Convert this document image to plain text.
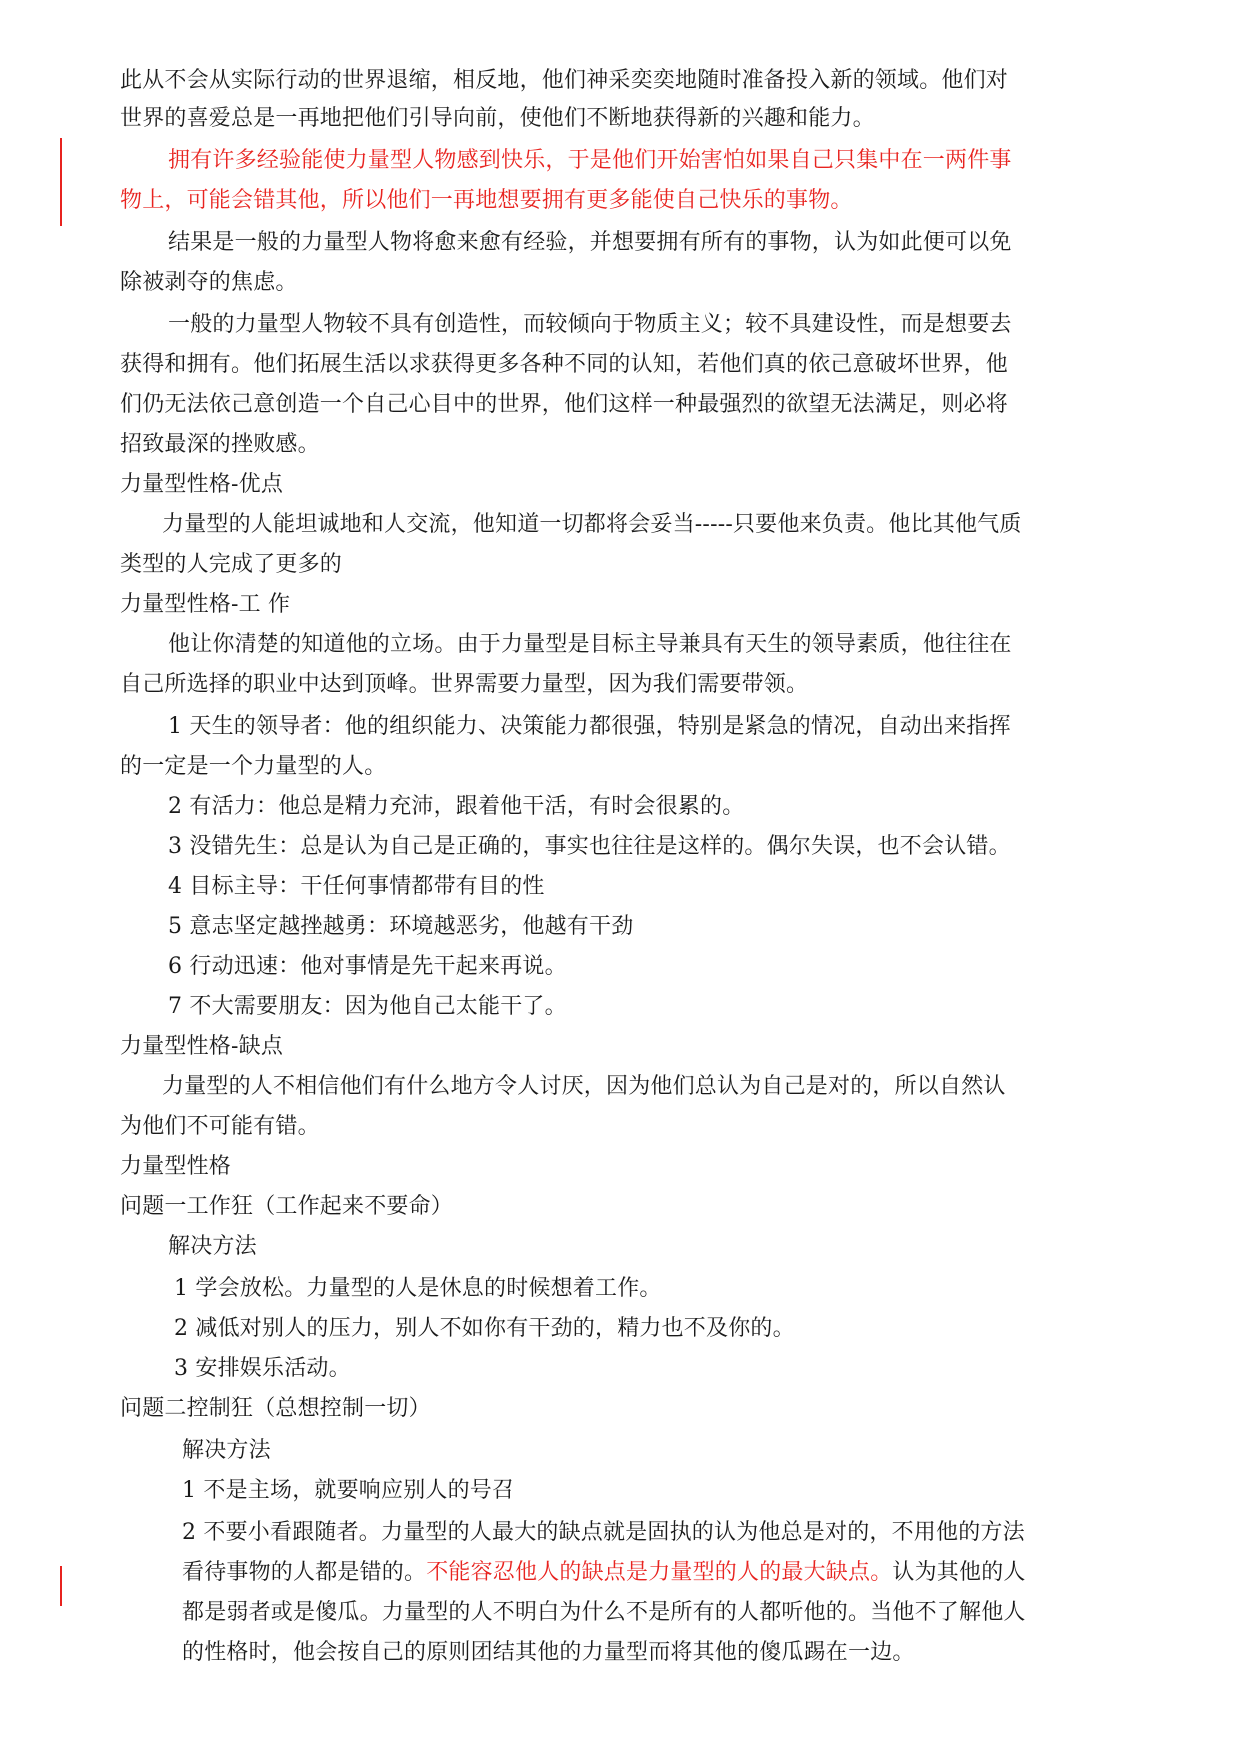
此从不会从实际行动的世界退缩，相反地，他们神采奕奕地随时准备投入新的领域。他们对
世界的喜爱总是一再地把他们引导向前，使他们不断地获得新的兴趣和能力。
拥有许多经验能使力量型人物感到快乐，于是他们开始害怕如果自己只集中在一两件事
物上，可能会错其他，所以他们一再地想要拥有更多能使自己快乐的事物。
结果是一般的力量型人物将愈来愈有经验，并想要拥有所有的事物，认为如此便可以免
除被剥夺的焦虑。
一般的力量型人物较不具有创造性，而较倾向于物质主义；较不具建设性，而是想要去
获得和拥有。他们拓展生活以求获得更多各种不同的认知，若他们真的依己意破坏世界，他
们仍无法依己意创造一个自己心目中的世界，他们这样一种最强烈的欲望无法满足，则必将
招致最深的挫败感。
力量型性格-优点
力量型的人能坦诚地和人交流，他知道一切都将会妥当-----只要他来负责。他比其他气质
类型的人完成了更多的
力量型性格-工 作
他让你清楚的知道他的立场。由于力量型是目标主导兼具有天生的领导素质，他往往在
自己所选择的职业中达到顶峰。世界需要力量型，因为我们需要带领。
1 天生的领导者：他的组织能力、决策能力都很强，特别是紧急的情况，自动出来指挥
的一定是一个力量型的人。
2 有活力：他总是精力充沛，跟着他干活，有时会很累的。
3 没错先生：总是认为自己是正确的，事实也往往是这样的。偶尔失误，也不会认错。
4 目标主导：干任何事情都带有目的性
5 意志坚定越挫越勇：环境越恶劣，他越有干劲
6 行动迅速：他对事情是先干起来再说。
7 不大需要朋友：因为他自己太能干了。
力量型性格-缺点
力量型的人不相信他们有什么地方令人讨厌，因为他们总认为自己是对的，所以自然认
为他们不可能有错。
力量型性格
问题一工作狂（工作起来不要命）
解决方法
1 学会放松。力量型的人是休息的时候想着工作。
2 减低对别人的压力，别人不如你有干劲的，精力也不及你的。
3 安排娱乐活动。
问题二控制狂（总想控制一切）
解决方法
1 不是主场，就要响应别人的号召
2 不要小看跟随者。力量型的人最大的缺点就是固执的认为他总是对的，不用他的方法
看待事物的人都是错的。不能容忍他人的缺点是力量型的人的最大缺点。认为其他的人
都是弱者或是傻瓜。力量型的人不明白为什么不是所有的人都听他的。当他不了解他人
的性格时，他会按自己的原则团结其他的力量型而将其他的傻瓜踢在一边。
